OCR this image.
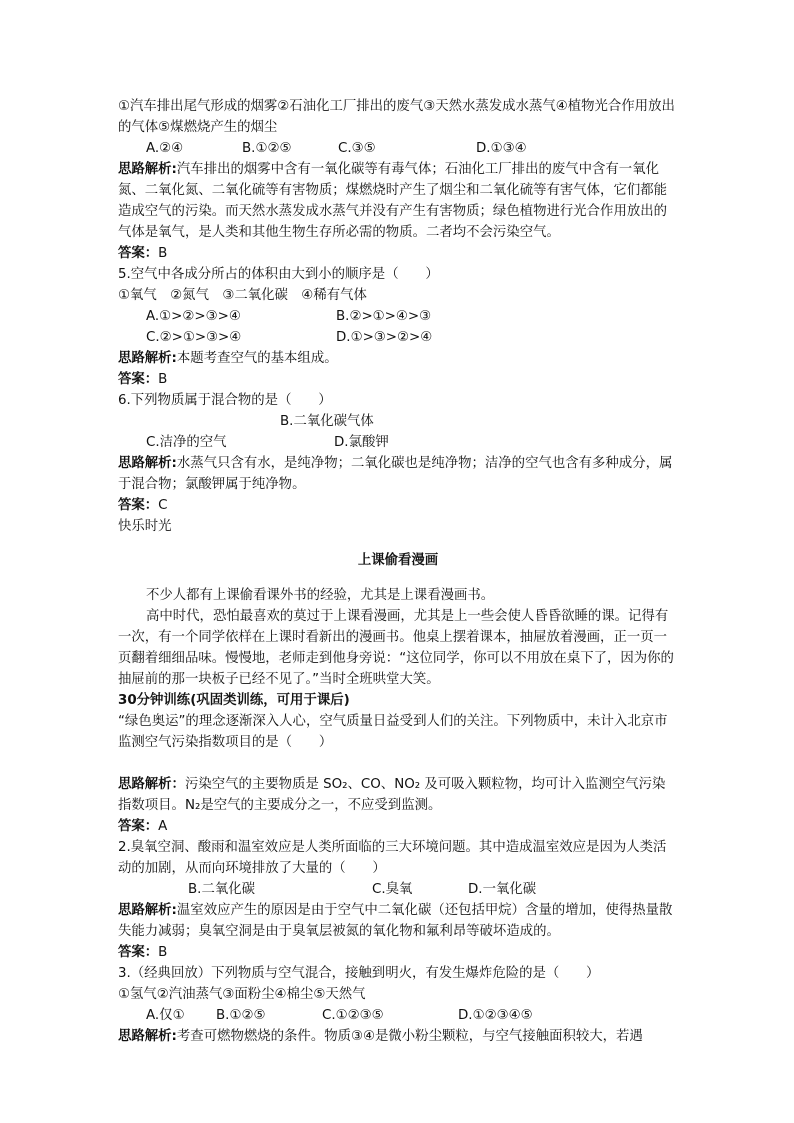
①汽车排出尾气形成的烟雾②石油化工厂排出的废气③天然水蒸发成水蒸气④植物光合作用放出的气体⑤煤燃烧产生的烟尘

A.②④	B.①②⑤	C.③⑤	D.①③④

思路解析:汽车排出的烟雾中含有一氧化碳等有毒气体；石油化工厂排出的废气中含有一氧化氮、二氧化氮、二氧化硫等有害物质；煤燃烧时产生了烟尘和二氧化硫等有害气体，它们都能造成空气的污染。而天然水蒸发成水蒸气并没有产生有害物质；绿色植物进行光合作用放出的气体是氧气，是人类和其他生物生存所必需的物质。二者均不会污染空气。

答案：B

5.空气中各成分所占的体积由大到小的顺序是（　　）

①氧气　②氮气　③二氧化碳　④稀有气体

A.①>②>③>④	B.②>①>④>③
C.②>①>③>④	D.①>③>②>④

思路解析:本题考查空气的基本组成。

答案：B

6.下列物质属于混合物的是（　　）

B.二氧化碳气体
C.洁净的空气	D.氯酸钾

思路解析:水蒸气只含有水，是纯净物；二氧化碳也是纯净物；洁净的空气也含有多种成分，属于混合物；氯酸钾属于纯净物。

答案：C

快乐时光

上课偷看漫画

不少人都有上课偷看课外书的经验，尤其是上课看漫画书。

高中时代，恐怕最喜欢的莫过于上课看漫画，尤其是上一些会使人昏昏欲睡的课。记得有一次，有一个同学依样在上课时看新出的漫画书。他桌上摆着课本，抽屉放着漫画，正一页一页翻着细细品味。慢慢地，老师走到他身旁说：“这位同学，你可以不用放在桌下了，因为你的抽屉前的那一块板子已经不见了。”当时全班哄堂大笑。

30分钟训练(巩固类训练，可用于课后)

“绿色奥运”的理念逐渐深入人心，空气质量日益受到人们的关注。下列物质中，未计入北京市监测空气污染指数项目的是（　　）

思路解析：污染空气的主要物质是 SO₂、CO、NO₂ 及可吸入颗粒物，均可计入监测空气污染指数项目。N₂是空气的主要成分之一，不应受到监测。

答案：A

2.臭氧空洞、酸雨和温室效应是人类所面临的三大环境问题。其中造成温室效应是因为人类活动的加剧，从而向环境排放了大量的（　　）

B.二氧化碳	C.臭氧	D.一氧化碳

思路解析:温室效应产生的原因是由于空气中二氧化碳（还包括甲烷）含量的增加，使得热量散失能力减弱；臭氧空洞是由于臭氧层被氮的氧化物和氟利昂等破坏造成的。

答案：B

3.（经典回放）下列物质与空气混合，接触到明火，有发生爆炸危险的是（　　）

①氢气②汽油蒸气③面粉尘④棉尘⑤天然气

A.仅①	B.①②⑤	C.①②③⑤	D.①②③④⑤

思路解析:考查可燃物燃烧的条件。物质③④是微小粉尘颗粒，与空气接触面积较大，若遇
